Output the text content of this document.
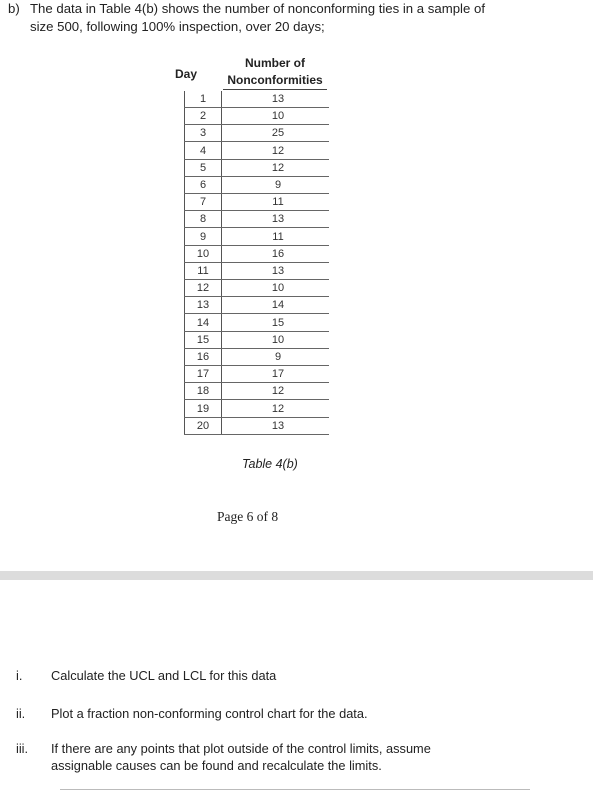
b) The data in Table 4(b) shows the number of nonconforming ties in a sample of
size 500, following 100% inspection, over 20 days;
Day
Number of
Nonconformities
1	13
2	10
3	25
4	12
5	12
6	9
7	11
8	13
9	11
10	16
11	13
12	10
13	14
14	15
15	10
16	9
17	17
18	12
19	12
20	13
Table 4(b)
Page 6 of 8
i.	Calculate the UCL and LCL for this data
ii.	Plot a fraction non-conforming control chart for the data.
iii.	If there are any points that plot outside of the control limits, assume
assignable causes can be found and recalculate the limits.
